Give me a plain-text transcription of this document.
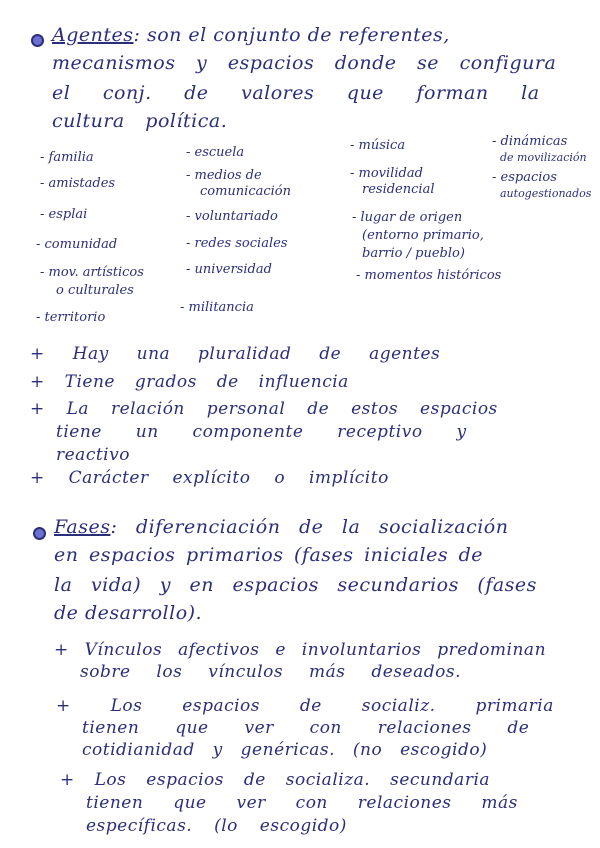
Agentes: son el conjunto de referentes,
mecanismos y espacios donde se configura
el conj. de valores que forman la
cultura política.
- familia
- amistades
- esplai
- comunidad
- mov. artísticos
o culturales
- territorio
- escuela
- medios de
comunicación
- voluntariado
- redes sociales
- universidad
- militancia
- música
- movilidad
residencial
- lugar de origen
(entorno primario,
barrio / pueblo)
- momentos históricos
- dinámicas
de movilización
- espacios
autogestionados
+ Hay una pluralidad de agentes
+ Tiene grados de influencia
+ La relación personal de estos espacios
tiene un componente receptivo y
reactivo
+ Carácter explícito o implícito
Fases: diferenciación de la socialización
en espacios primarios (fases iniciales de
la vida) y en espacios secundarios (fases
de desarrollo).
+ Vínculos afectivos e involuntarios predominan
sobre los vínculos más deseados.
+ Los espacios de socializ. primaria
tienen que ver con relaciones de
cotidianidad y genéricas. (no escogido)
+ Los espacios de socializa. secundaria
tienen que ver con relaciones más
específicas. (lo escogido)
